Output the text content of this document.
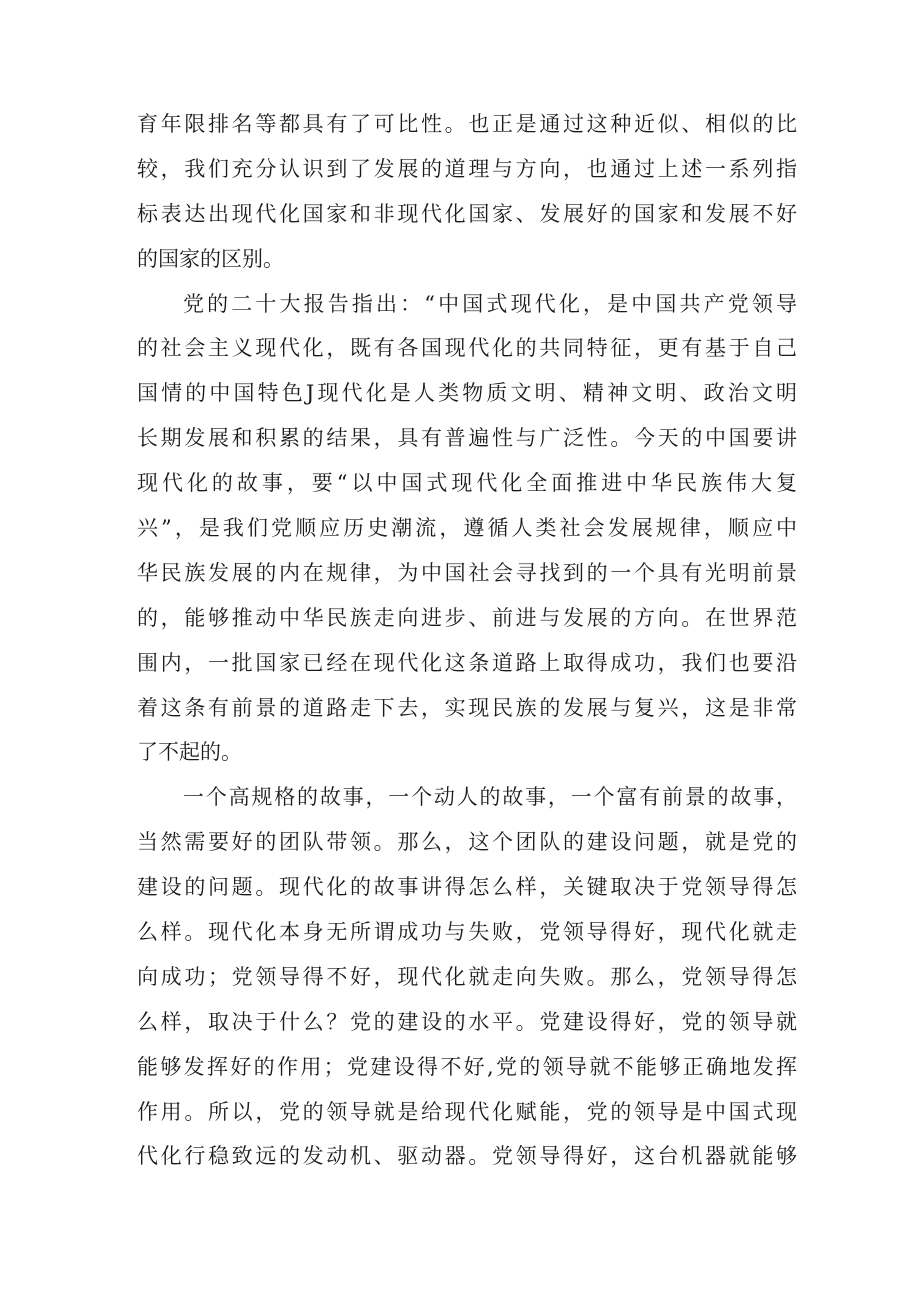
育年限排名等都具有了可比性。也正是通过这种近似、相似的比
较，我们充分认识到了发展的道理与方向，也通过上述一系列指
标表达出现代化国家和非现代化国家、发展好的国家和发展不好
的国家的区别。
党的二十大报告指出：“中国式现代化，是中国共产党领导
的社会主义现代化，既有各国现代化的共同特征，更有基于自己
国情的中国特色J现代化是人类物质文明、精神文明、政治文明
长期发展和积累的结果，具有普遍性与广泛性。今天的中国要讲
现代化的故事，要“以中国式现代化全面推进中华民族伟大复
兴”，是我们党顺应历史潮流，遵循人类社会发展规律，顺应中
华民族发展的内在规律，为中国社会寻找到的一个具有光明前景
的，能够推动中华民族走向进步、前进与发展的方向。在世界范
围内，一批国家已经在现代化这条道路上取得成功，我们也要沿
着这条有前景的道路走下去，实现民族的发展与复兴，这是非常
了不起的。
一个高规格的故事，一个动人的故事，一个富有前景的故事，
当然需要好的团队带领。那么，这个团队的建设问题，就是党的
建设的问题。现代化的故事讲得怎么样，关键取决于党领导得怎
么样。现代化本身无所谓成功与失败，党领导得好，现代化就走
向成功；党领导得不好，现代化就走向失败。那么，党领导得怎
么样，取决于什么？党的建设的水平。党建设得好，党的领导就
能够发挥好的作用；党建设得不好,党的领导就不能够正确地发挥
作用。所以，党的领导就是给现代化赋能，党的领导是中国式现
代化行稳致远的发动机、驱动器。党领导得好，这台机器就能够
